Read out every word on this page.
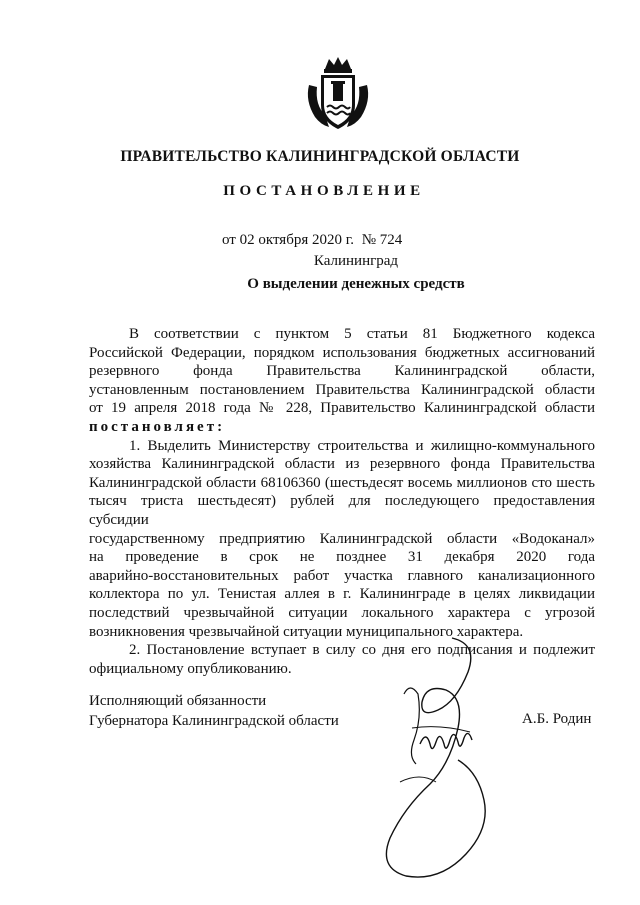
ПРАВИТЕЛЬСТВО КАЛИНИНГРАДСКОЙ ОБЛАСТИ
ПОСТАНОВЛЕНИЕ
от 02 октября 2020 г. № 724
Калининград
О выделении денежных средств

В соответствии с пунктом 5 статьи 81 Бюджетного кодекса

Российской Федерации, порядком использования бюджетных ассигнований

резервного фонда Правительства Калининградской области,

установленным постановлением Правительства Калининградской области

от 19 апреля 2018 года № 228, Правительство Калининградской области

постановляет:

1. Выделить Министерству строительства и жилищно-коммунального

хозяйства Калининградской области из резервного фонда Правительства

Калининградской области 68106360 (шестьдесят восемь миллионов сто шесть

тысяч триста шестьдесят) рублей для последующего предоставления субсидии

государственному предприятию Калининградской области «Водоканал»

на проведение в срок не позднее 31 декабря 2020 года

аварийно-восстановительных работ участка главного канализационного

коллектора по ул. Тенистая аллея в г. Калининграде в целях ликвидации

последствий чрезвычайной ситуации локального характера с угрозой

возникновения чрезвычайной ситуации муниципального характера.

2. Постановление вступает в силу со дня его подписания и подлежит

официальному опубликованию.

Исполняющий обязанности
Губернатора Калининградской области	А.Б. Родин
